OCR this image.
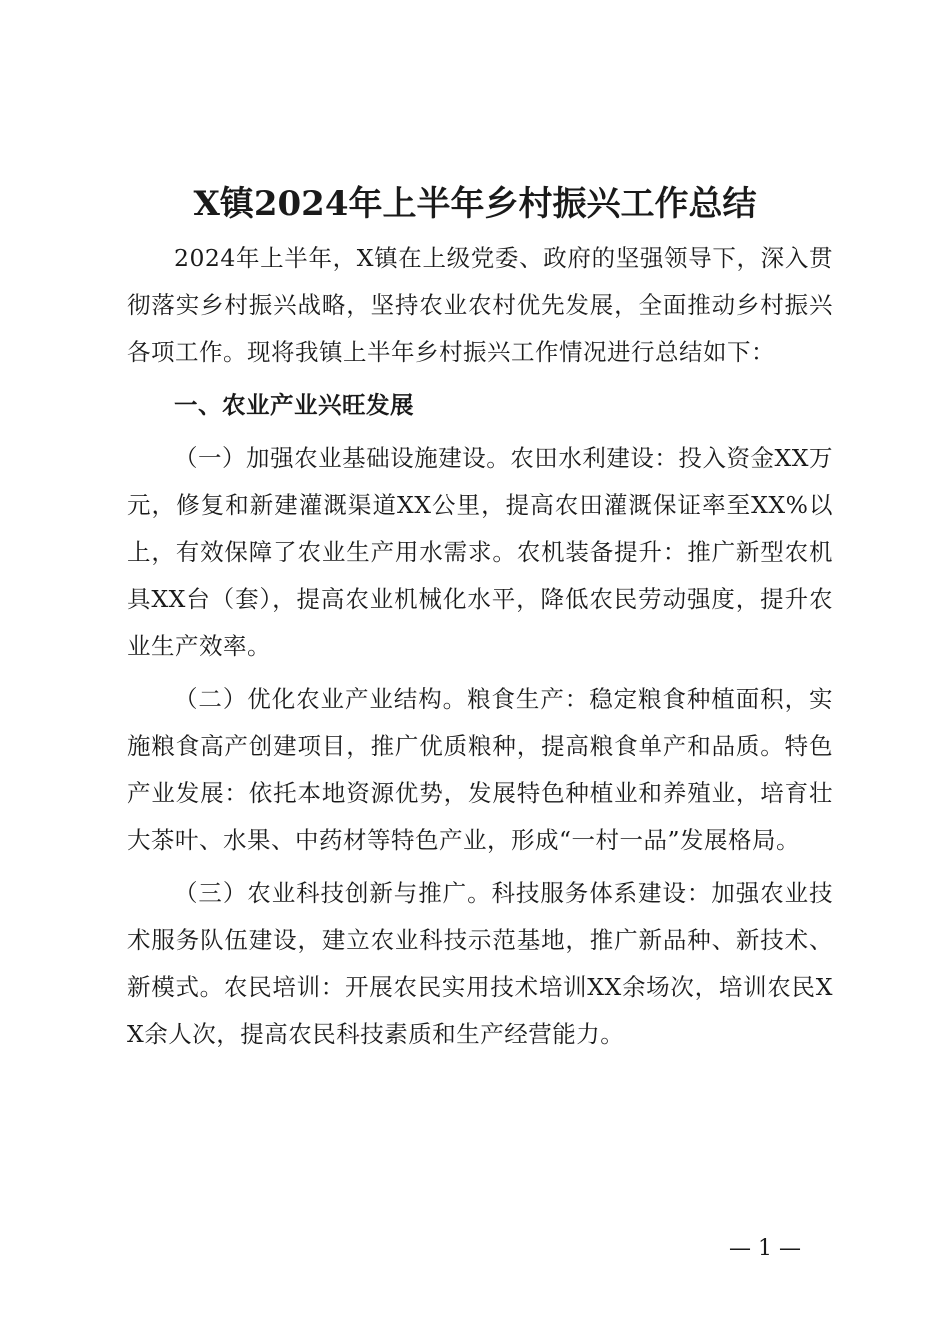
X镇2024年上半年乡村振兴工作总结

2024年上半年，X镇在上级党委、政府的坚强领导下，深入贯彻落实乡村振兴战略，坚持农业农村优先发展，全面推动乡村振兴各项工作。现将我镇上半年乡村振兴工作情况进行总结如下：

一、农业产业兴旺发展

（一）加强农业基础设施建设。农田水利建设：投入资金XX万元，修复和新建灌溉渠道XX公里，提高农田灌溉保证率至XX%以上，有效保障了农业生产用水需求。农机装备提升：推广新型农机具XX台（套），提高农业机械化水平，降低农民劳动强度，提升农业生产效率。

（二）优化农业产业结构。粮食生产：稳定粮食种植面积，实施粮食高产创建项目，推广优质粮种，提高粮食单产和品质。特色产业发展：依托本地资源优势，发展特色种植业和养殖业，培育壮大茶叶、水果、中药材等特色产业，形成“一村一品”发展格局。

（三）农业科技创新与推广。科技服务体系建设：加强农业技术服务队伍建设，建立农业科技示范基地，推广新品种、新技术、新模式。农民培训：开展农民实用技术培训XX余场次，培训农民XX余人次，提高农民科技素质和生产经营能力。

— 1 —
